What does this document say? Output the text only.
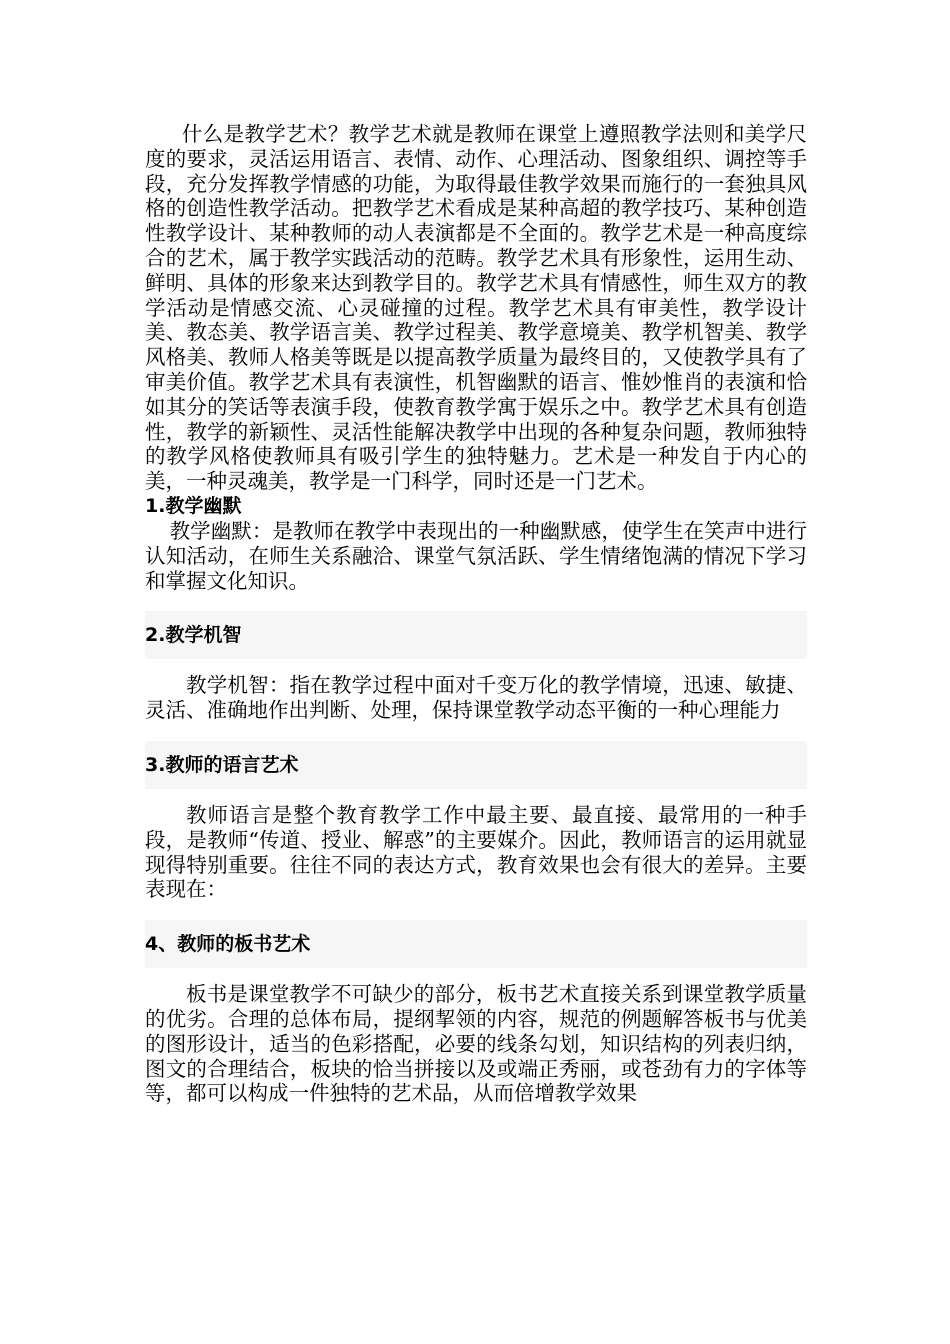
什么是教学艺术？教学艺术就是教师在课堂上遵照教学法则和美学尺度的要求，灵活运用语言、表情、动作、心理活动、图象组织、调控等手段，充分发挥教学情感的功能，为取得最佳教学效果而施行的一套独具风格的创造性教学活动。把教学艺术看成是某种高超的教学技巧、某种创造性教学设计、某种教师的动人表演都是不全面的。教学艺术是一种高度综合的艺术，属于教学实践活动的范畴。教学艺术具有形象性，运用生动、鲜明、具体的形象来达到教学目的。教学艺术具有情感性，师生双方的教学活动是情感交流、心灵碰撞的过程。教学艺术具有审美性，教学设计美、教态美、教学语言美、教学过程美、教学意境美、教学机智美、教学风格美、教师人格美等既是以提高教学质量为最终目的，又使教学具有了审美价值。教学艺术具有表演性，机智幽默的语言、惟妙惟肖的表演和恰如其分的笑话等表演手段，使教育教学寓于娱乐之中。教学艺术具有创造性，教学的新颖性、灵活性能解决教学中出现的各种复杂问题，教师独特的教学风格使教师具有吸引学生的独特魅力。艺术是一种发自于内心的美，一种灵魂美，教学是一门科学，同时还是一门艺术。

1.教学幽默

教学幽默：是教师在教学中表现出的一种幽默感，使学生在笑声中进行认知活动，在师生关系融洽、课堂气氛活跃、学生情绪饱满的情况下学习和掌握文化知识。

2.教学机智

教学机智：指在教学过程中面对千变万化的教学情境，迅速、敏捷、灵活、准确地作出判断、处理，保持课堂教学动态平衡的一种心理能力

3.教师的语言艺术

教师语言是整个教育教学工作中最主要、最直接、最常用的一种手段，是教师“传道、授业、解惑”的主要媒介。因此，教师语言的运用就显现得特别重要。往往不同的表达方式，教育效果也会有很大的差异。主要表现在：

4、教师的板书艺术

板书是课堂教学不可缺少的部分，板书艺术直接关系到课堂教学质量的优劣。合理的总体布局，提纲挈领的内容，规范的例题解答板书与优美的图形设计，适当的色彩搭配，必要的线条勾划，知识结构的列表归纳，图文的合理结合，板块的恰当拼接以及或端正秀丽，或苍劲有力的字体等等，都可以构成一件独特的艺术品，从而倍增教学效果
